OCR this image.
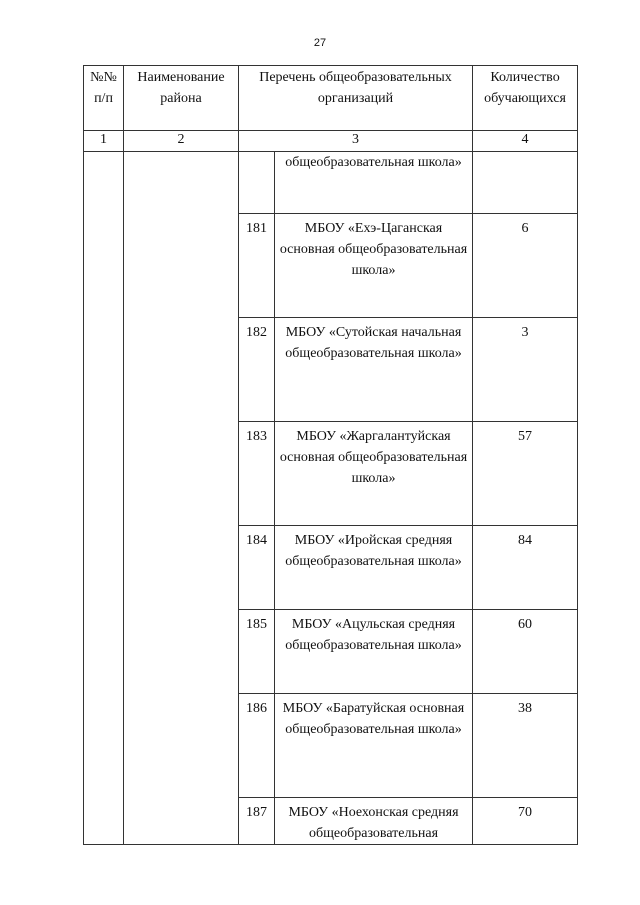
27
№№ п/п	Наименование района	Перечень общеобразовательных организаций		Количество обучающихся
1	2	3		4
			общеобразовательная школа»	
		181	МБОУ «Ехэ-Цаганская основная общеобразовательная школа»	6
		182	МБОУ «Сутойская начальная общеобразовательная школа»	3
		183	МБОУ «Жаргалантуйская основная общеобразовательная школа»	57
		184	МБОУ «Иройская средняя общеобразовательная школа»	84
		185	МБОУ «Ацульская средняя общеобразовательная школа»	60
		186	МБОУ «Баратуйская основная общеобразовательная школа»	38
		187	МБОУ «Ноехонская средняя общеобразовательная	70
